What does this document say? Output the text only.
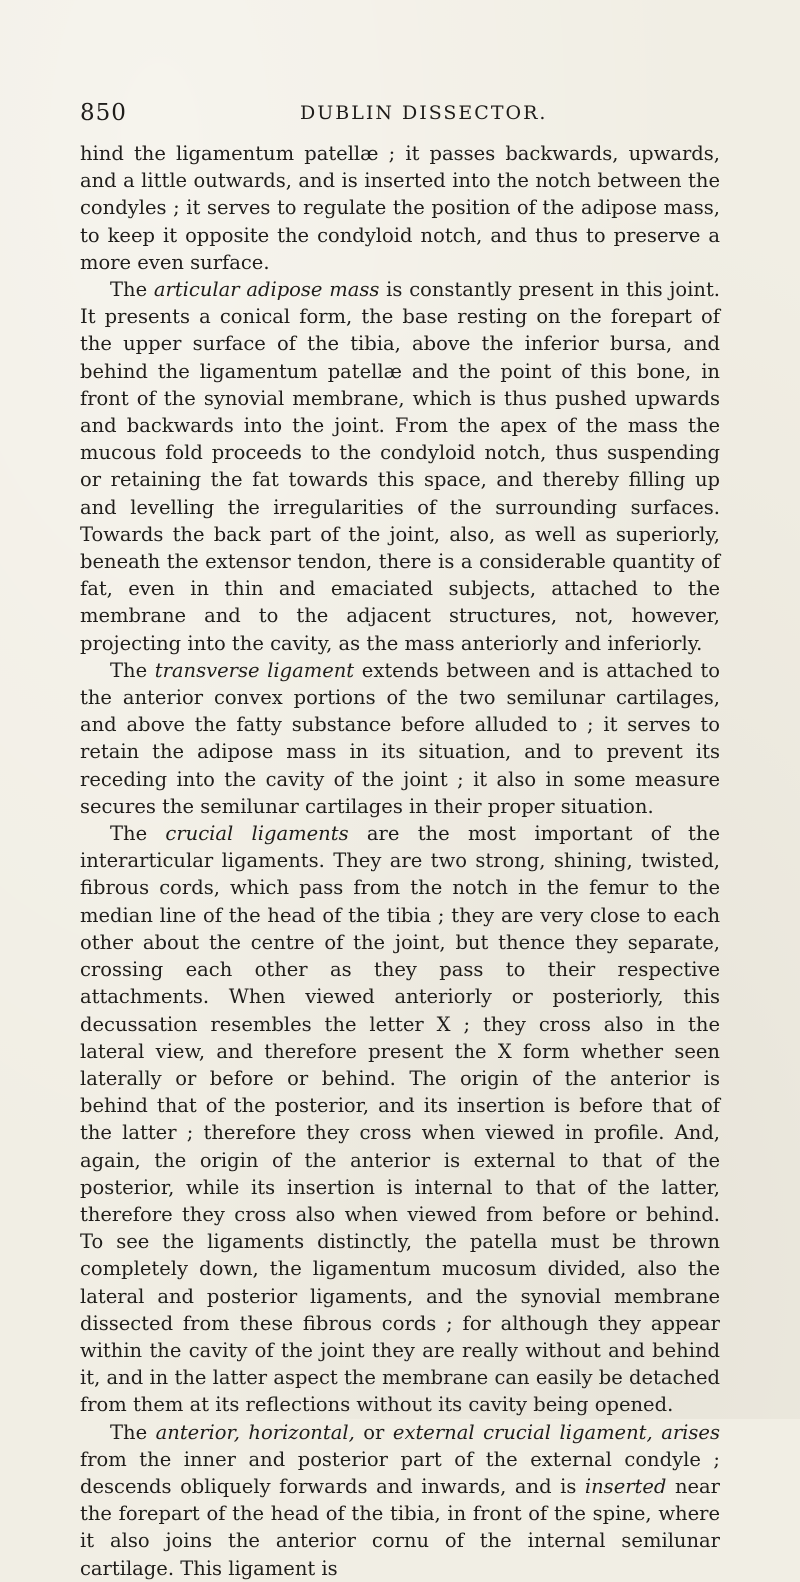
850	DUBLIN DISSECTOR.

hind the ligamentum patellæ ; it passes backwards, upwards, and a little outwards, and is inserted into the notch between the condyles ; it serves to regulate the position of the adipose mass, to keep it opposite the condyloid notch, and thus to preserve a more even surface.

The articular adipose mass is constantly present in this joint. It presents a conical form, the base resting on the forepart of the upper surface of the tibia, above the inferior bursa, and behind the ligamentum patellæ and the point of this bone, in front of the synovial membrane, which is thus pushed upwards and backwards into the joint. From the apex of the mass the mucous fold proceeds to the condyloid notch, thus suspending or retaining the fat towards this space, and thereby filling up and levelling the irregularities of the surrounding surfaces. Towards the back part of the joint, also, as well as superiorly, beneath the extensor tendon, there is a considerable quantity of fat, even in thin and emaciated subjects, attached to the membrane and to the adjacent structures, not, however, projecting into the cavity, as the mass anteriorly and inferiorly.

The transverse ligament extends between and is attached to the anterior convex portions of the two semilunar cartilages, and above the fatty substance before alluded to ; it serves to retain the adipose mass in its situation, and to prevent its receding into the cavity of the joint ; it also in some measure secures the semilunar cartilages in their proper situation.

The crucial ligaments are the most important of the interarticular ligaments. They are two strong, shining, twisted, fibrous cords, which pass from the notch in the femur to the median line of the head of the tibia ; they are very close to each other about the centre of the joint, but thence they separate, crossing each other as they pass to their respective attachments. When viewed anteriorly or posteriorly, this decussation resembles the letter X ; they cross also in the lateral view, and therefore present the X form whether seen laterally or before or behind. The origin of the anterior is behind that of the posterior, and its insertion is before that of the latter ; therefore they cross when viewed in profile. And, again, the origin of the anterior is external to that of the posterior, while its insertion is internal to that of the latter, therefore they cross also when viewed from before or behind. To see the ligaments distinctly, the patella must be thrown completely down, the ligamentum mucosum divided, also the lateral and posterior ligaments, and the synovial membrane dissected from these fibrous cords ; for although they appear within the cavity of the joint they are really without and behind it, and in the latter aspect the membrane can easily be detached from them at its reflections without its cavity being opened.

The anterior, horizontal, or external crucial ligament, arises from the inner and posterior part of the external condyle ; descends obliquely forwards and inwards, and is inserted near the forepart of the head of the tibia, in front of the spine, where it also joins the anterior cornu of the internal semilunar cartilage. This ligament is
